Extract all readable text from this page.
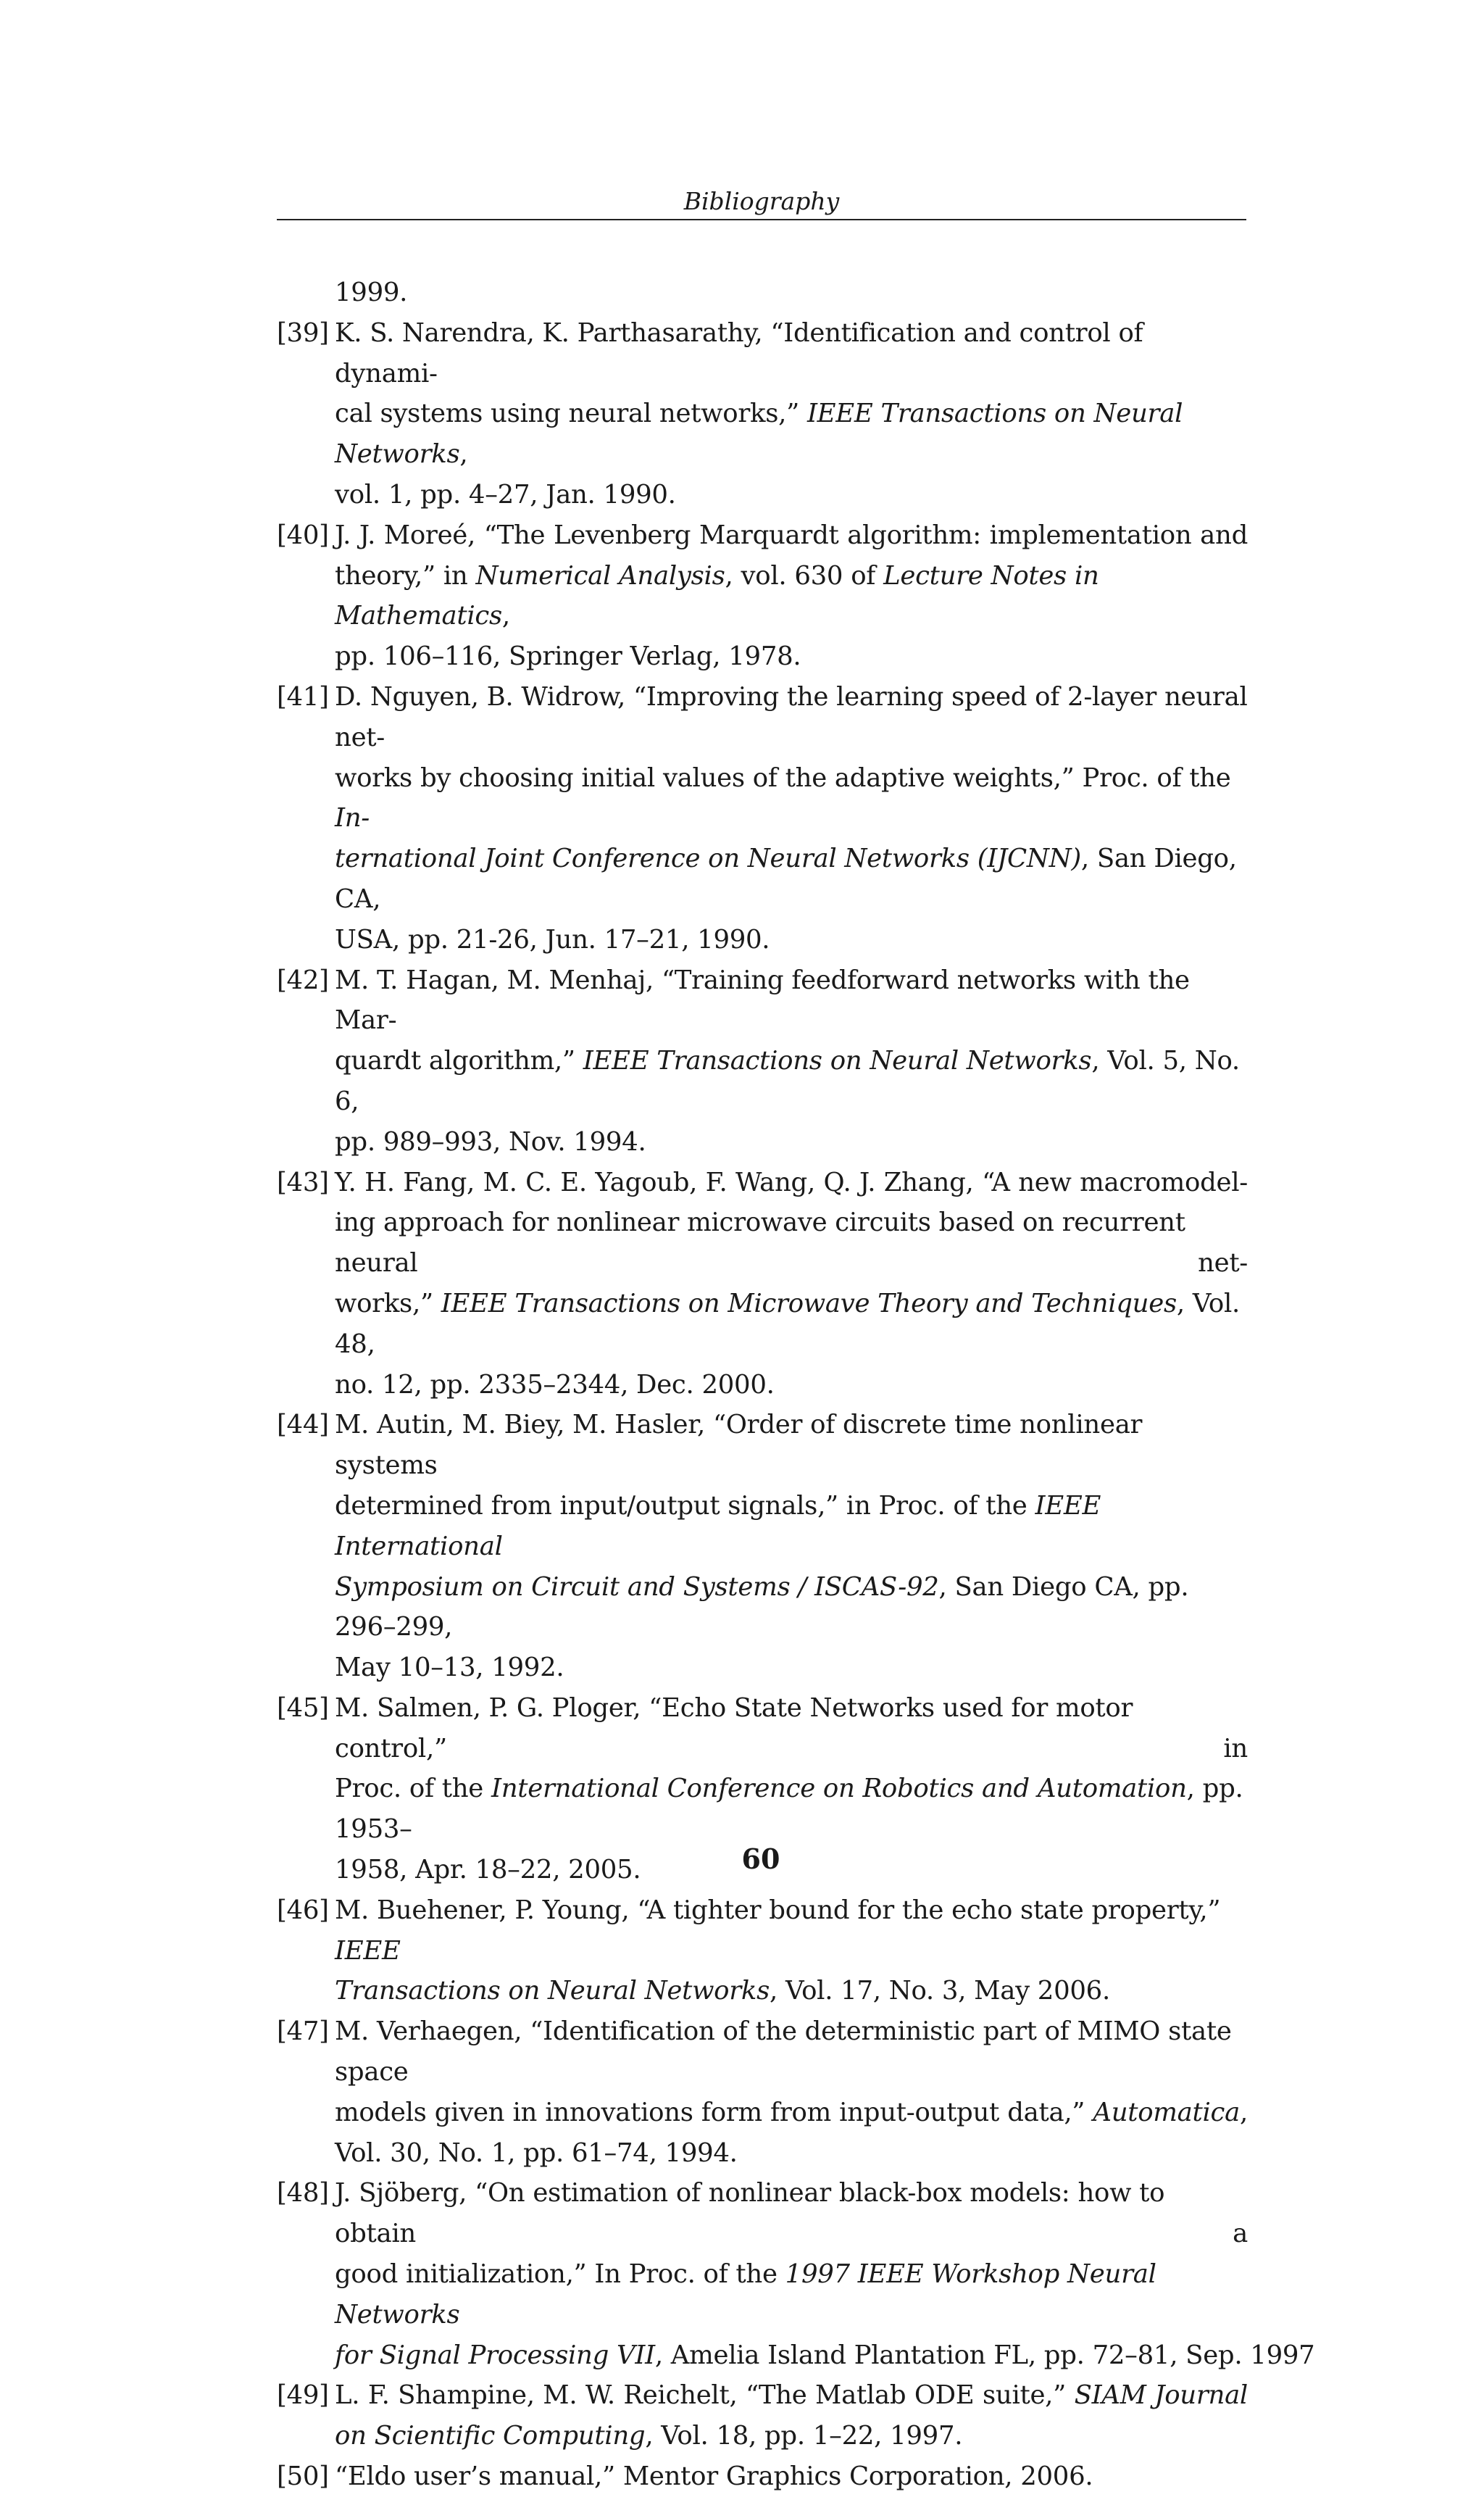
Bibliography
1999.
[39] K. S. Narendra, K. Parthasarathy, “Identification and control of dynami-
cal systems using neural networks,” IEEE Transactions on Neural Networks,
vol. 1, pp. 4–27, Jan. 1990.
[40] J. J. Moreé, “The Levenberg Marquardt algorithm: implementation and
theory,” in Numerical Analysis, vol. 630 of Lecture Notes in Mathematics,
pp. 106–116, Springer Verlag, 1978.
[41] D. Nguyen, B. Widrow, “Improving the learning speed of 2-layer neural net-
works by choosing initial values of the adaptive weights,” Proc. of the In-
ternational Joint Conference on Neural Networks (IJCNN), San Diego, CA,
USA, pp. 21-26, Jun. 17–21, 1990.
[42] M. T. Hagan, M. Menhaj, “Training feedforward networks with the Mar-
quardt algorithm,” IEEE Transactions on Neural Networks, Vol. 5, No. 6,
pp. 989–993, Nov. 1994.
[43] Y. H. Fang, M. C. E. Yagoub, F. Wang, Q. J. Zhang, “A new macromodel-
ing approach for nonlinear microwave circuits based on recurrent neural net-
works,” IEEE Transactions on Microwave Theory and Techniques, Vol. 48,
no. 12, pp. 2335–2344, Dec. 2000.
[44] M. Autin, M. Biey, M. Hasler, “Order of discrete time nonlinear systems
determined from input/output signals,” in Proc. of the IEEE International
Symposium on Circuit and Systems / ISCAS-92, San Diego CA, pp. 296–299,
May 10–13, 1992.
[45] M. Salmen, P. G. Ploger, “Echo State Networks used for motor control,” in
Proc. of the International Conference on Robotics and Automation, pp. 1953–
1958, Apr. 18–22, 2005.
[46] M. Buehener, P. Young, “A tighter bound for the echo state property,” IEEE
Transactions on Neural Networks, Vol. 17, No. 3, May 2006.
[47] M. Verhaegen, “Identification of the deterministic part of MIMO state space
models given in innovations form from input-output data,” Automatica,
Vol. 30, No. 1, pp. 61–74, 1994.
[48] J. Sjöberg, “On estimation of nonlinear black-box models: how to obtain a
good initialization,” In Proc. of the 1997 IEEE Workshop Neural Networks
for Signal Processing VII, Amelia Island Plantation FL, pp. 72–81, Sep. 1997
[49] L. F. Shampine, M. W. Reichelt, “The Matlab ODE suite,” SIAM Journal
on Scientific Computing, Vol. 18, pp. 1–22, 1997.
[50] “Eldo user’s manual,” Mentor Graphics Corporation, 2006.
60
